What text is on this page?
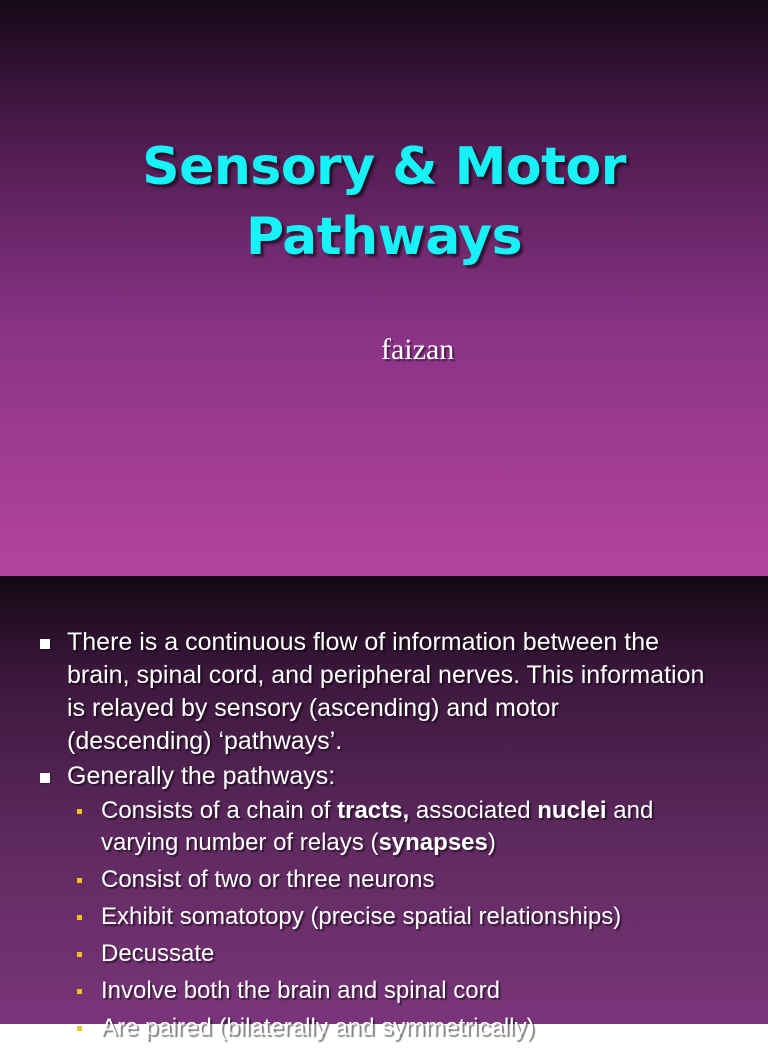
Sensory & Motor
Pathways
faizan
There is a continuous flow of information between the brain, spinal cord, and peripheral nerves. This information is relayed by sensory (ascending) and motor (descending) ‘pathways’.
Generally the pathways:
Consists of a chain of tracts, associated nuclei and varying number of relays (synapses)
Consist of two or three neurons
Exhibit somatotopy (precise spatial relationships)
Decussate
Involve both the brain and spinal cord
Are paired (bilaterally and symmetrically)
